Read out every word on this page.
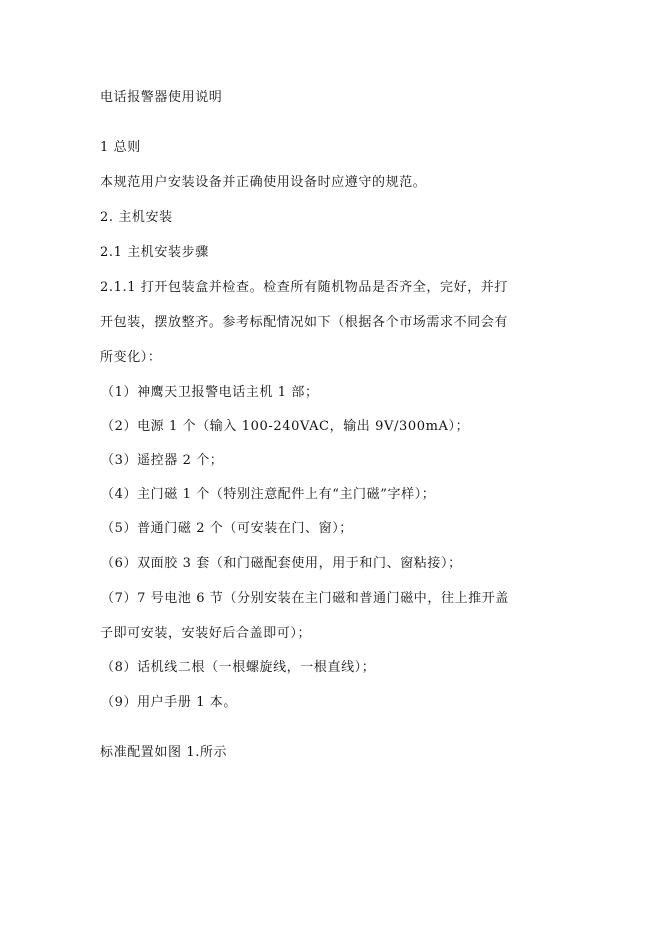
电话报警器使用说明
1 总则
本规范用户安装设备并正确使用设备时应遵守的规范。
2. 主机安装
2.1 主机安装步骤
2.1.1 打开包装盒并检查。检查所有随机物品是否齐全，完好，并打
开包装，摆放整齐。参考标配情况如下（根据各个市场需求不同会有
所变化）：
（1）神鹰天卫报警电话主机 1 部；
（2）电源 1 个（输入 100-240VAC，输出 9V/300mA）；
（3）遥控器 2 个；
（4）主门磁 1 个（特别注意配件上有“主门磁”字样）；
（5）普通门磁 2 个（可安装在门、窗）；
（6）双面胶 3 套（和门磁配套使用，用于和门、窗粘接）；
（7）7 号电池 6 节（分别安装在主门磁和普通门磁中，往上推开盖
子即可安装，安装好后合盖即可）；
（8）话机线二根（一根螺旋线，一根直线）；
（9）用户手册 1 本。
标准配置如图 1.所示
